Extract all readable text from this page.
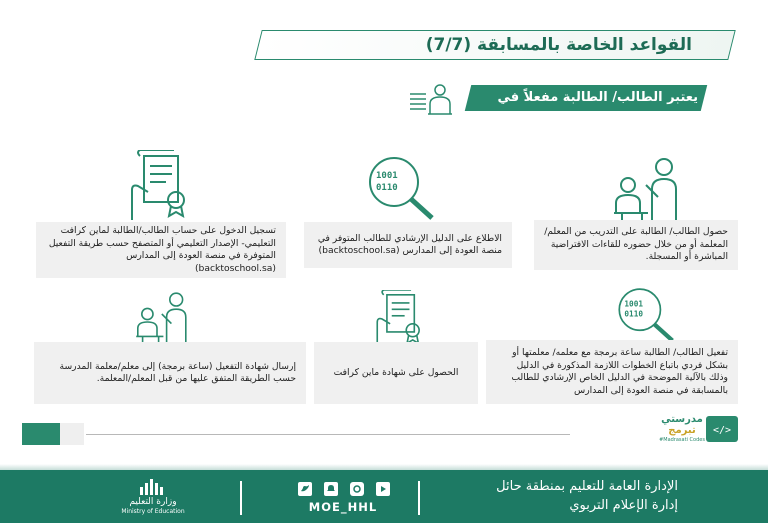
القواعد الخاصة بالمسابقة (7/7)
يعتبر الطالب/ الطالبة مفعلاً في حال:
1001
0110
حصول الطالب/ الطالبة على التدريب من المعلم/المعلمة أو من خلال حضوره للقاءات الافتراضية المباشرة أو المسجلة.
الاطلاع على الدليل الإرشادي للطالب المتوفر في منصة العودة إلى المدارس (backtoschool.sa)
تسجيل الدخول على حساب الطالب/الطالبة لماين كرافت التعليمي- الإصدار التعليمي أو المتصفح حسب طريقة التفعيل المتوفرة في منصة العودة إلى المدارس (backtoschool.sa)
1001
0110
تفعيل الطالب/ الطالبة ساعة برمجة مع معلمه/ معلمتها أو بشكل فردي باتباع الخطوات اللازمة المذكورة في الدليل وذلك بالآلية الموضحة في الدليل الخاص الإرشادي للطالب بالمسابقة في منصة العودة إلى المدارس
الحصول على شهادة ماين كرافت
إرسال شهادة التفعيل (ساعة برمجة) إلى معلم/معلمة المدرسة حسب الطريقة المتفق عليها من قبل المعلم/المعلمة.
</>
مدرستي
تبرمج
#Madrasati Codes
الإدارة العامة للتعليم بمنطقة حائل
إدارة الإعلام التربوي
MOE_HHL
وزارة التعليم
Ministry of Education
